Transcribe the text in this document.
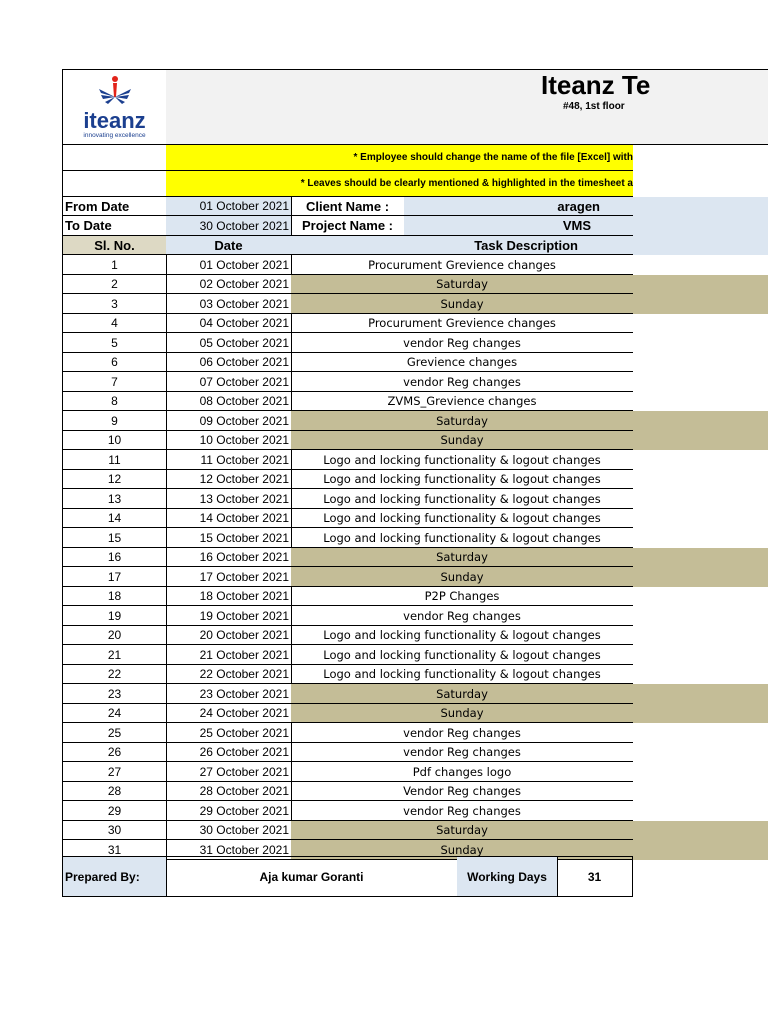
iteanz
innovating excellence
Iteanz Te
#48, 1st floor
* Employee should change the name of the file [Excel] with
* Leaves should be clearly mentioned & highlighted in the timesheet a
From Date	01 October 2021	Client Name :	aragen
To Date	30 October 2021 Project Name :	VMS
Sl. No.	Date	Task Description
1	01 October 2021	Procurument Grevience changes
2	02 October 2021	Saturday
3	03 October 2021	Sunday
4	04 October 2021	Procurument Grevience changes
5	05 October 2021	vendor Reg changes
6	06 October 2021	Grevience changes
7	07 October 2021	vendor Reg changes
8	08 October 2021	ZVMS_Grevience changes
9	09 October 2021	Saturday
10	10 October 2021	Sunday
11	11 October 2021	Logo and locking functionality & logout changes
12	12 October 2021	Logo and locking functionality & logout changes
13	13 October 2021	Logo and locking functionality & logout changes
14	14 October 2021	Logo and locking functionality & logout changes
15	15 October 2021	Logo and locking functionality & logout changes
16	16 October 2021	Saturday
17	17 October 2021	Sunday
18	18 October 2021	P2P Changes
19	19 October 2021	vendor Reg changes
20	20 October 2021	Logo and locking functionality & logout changes
21	21 October 2021	Logo and locking functionality & logout changes
22	22 October 2021	Logo and locking functionality & logout changes
23	23 October 2021	Saturday
24	24 October 2021	Sunday
25	25 October 2021	vendor Reg changes
26	26 October 2021	vendor Reg changes
27	27 October 2021	Pdf changes logo
28	28 October 2021	Vendor Reg changes
29	29 October 2021	vendor Reg changes
30	30 October 2021	Saturday
31	31 October 2021	Sunday
Prepared By:	Aja kumar Goranti	Working Days	31
